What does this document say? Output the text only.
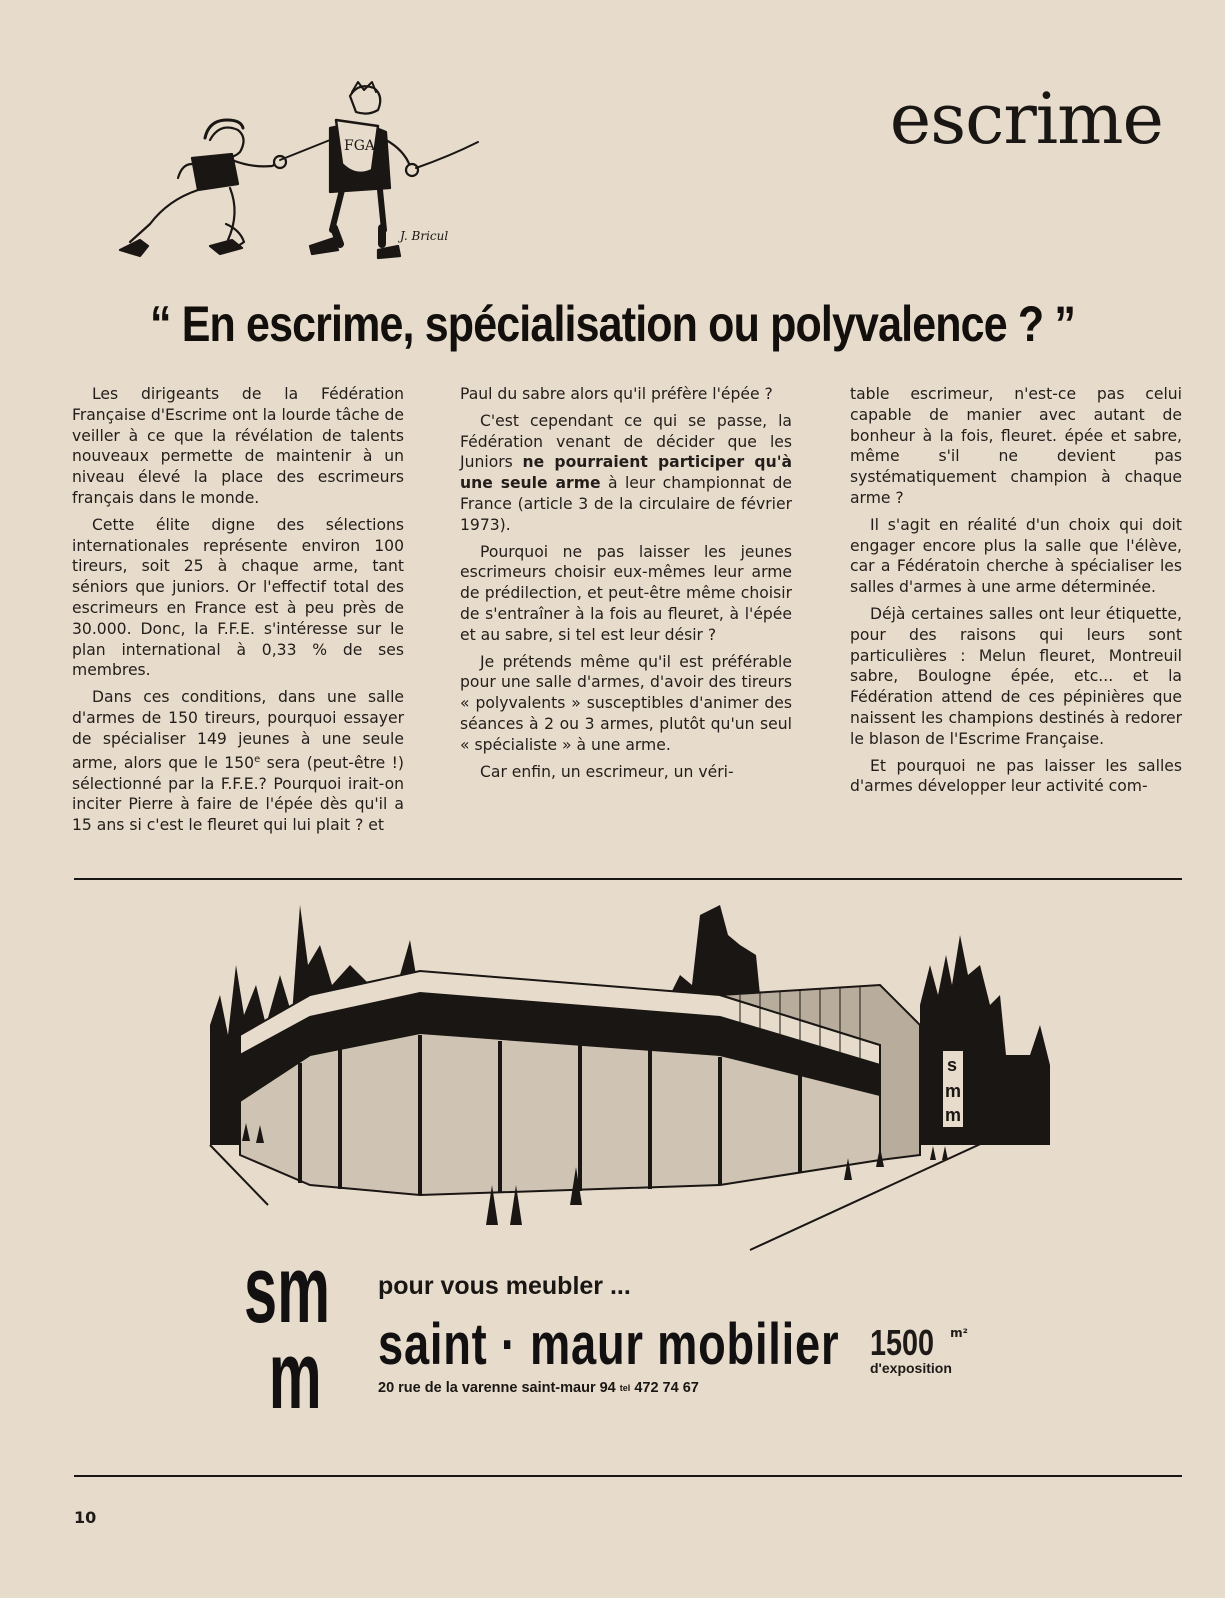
escrime
FGA
J. Bricul
“ En escrime, spécialisation ou polyvalence ? ”

Les dirigeants de la Fédération Française d'Escrime ont la lourde tâche de veiller à ce que la révélation de talents nouveaux permette de maintenir à un niveau élevé la place des escrimeurs français dans le monde.

Cette élite digne des sélections internationales représente environ 100 tireurs, soit 25 à chaque arme, tant séniors que juniors. Or l'effectif total des escrimeurs en France est à peu près de 30.000. Donc, la F.F.E. s'intéresse sur le plan international à 0,33 % de ses membres.

Dans ces conditions, dans une salle d'armes de 150 tireurs, pourquoi essayer de spécialiser 149 jeunes à une seule arme, alors que le 150e sera (peut-être !) sélectionné par la F.F.E.? Pourquoi irait-on inciter Pierre à faire de l'épée dès qu'il a 15 ans si c'est le fleuret qui lui plait ? et

Paul du sabre alors qu'il préfère l'épée ?

C'est cependant ce qui se passe, la Fédération venant de décider que les Juniors ne pourraient participer qu'à une seule arme à leur championnat de France (article 3 de la circulaire de février 1973).

Pourquoi ne pas laisser les jeunes escrimeurs choisir eux-mêmes leur arme de prédilection, et peut-être même choisir de s'entraîner à la fois au fleuret, à l'épée et au sabre, si tel est leur désir ?

Je prétends même qu'il est préférable pour une salle d'armes, d'avoir des tireurs « polyvalents » susceptibles d'animer des séances à 2 ou 3 armes, plutôt qu'un seul « spécialiste » à une arme.

Car enfin, un escrimeur, un véri-

table escrimeur, n'est-ce pas celui capable de manier avec autant de bonheur à la fois, fleuret. épée et sabre, même s'il ne devient pas systématiquement champion à chaque arme ?

Il s'agit en réalité d'un choix qui doit engager encore plus la salle que l'élève, car a Fédératoin cherche à spécialiser les salles d'armes à une arme déterminée.

Déjà certaines salles ont leur étiquette, pour des raisons qui leurs sont particulières : Melun fleuret, Montreuil sabre, Boulogne épée, etc... et la Fédération attend de ces pépinières que naissent les champions destinés à redorer le blason de l'Escrime Française.

Et pourquoi ne pas laisser les salles d'armes développer leur activité com-

s
m
m
sm
m
pour vous meubler ...
saint · maur mobilier
20 rue de la varenne saint-maur 94 tel 472 74 67
1500 $^{m^2}$
d'exposition
10
